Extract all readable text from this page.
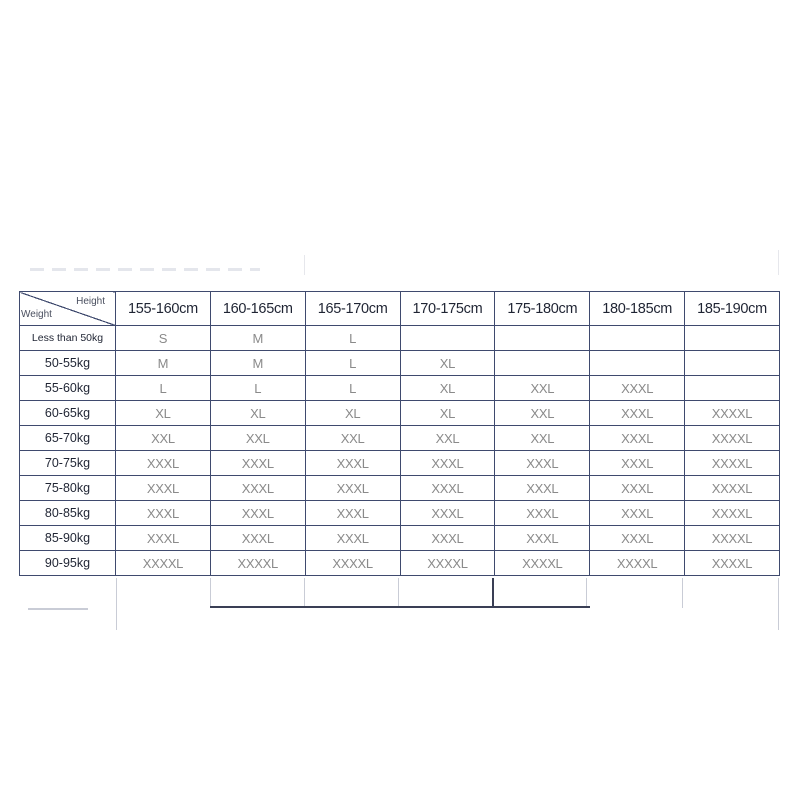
Height
Weight	155-160cm	160-165cm	165-170cm	170-175cm	175-180cm	180-185cm	185-190cm
Less than 50kg	S	M	L				
50-55kg	M	M	L	XL			
55-60kg	L	L	L	XL	XXL	XXXL	
60-65kg	XL	XL	XL	XL	XXL	XXXL	XXXXL
65-70kg	XXL	XXL	XXL	XXL	XXL	XXXL	XXXXL
70-75kg	XXXL	XXXL	XXXL	XXXL	XXXL	XXXL	XXXXL
75-80kg	XXXL	XXXL	XXXL	XXXL	XXXL	XXXL	XXXXL
80-85kg	XXXL	XXXL	XXXL	XXXL	XXXL	XXXL	XXXXL
85-90kg	XXXL	XXXL	XXXL	XXXL	XXXL	XXXL	XXXXL
90-95kg	XXXXL	XXXXL	XXXXL	XXXXL	XXXXL	XXXXL	XXXXL
